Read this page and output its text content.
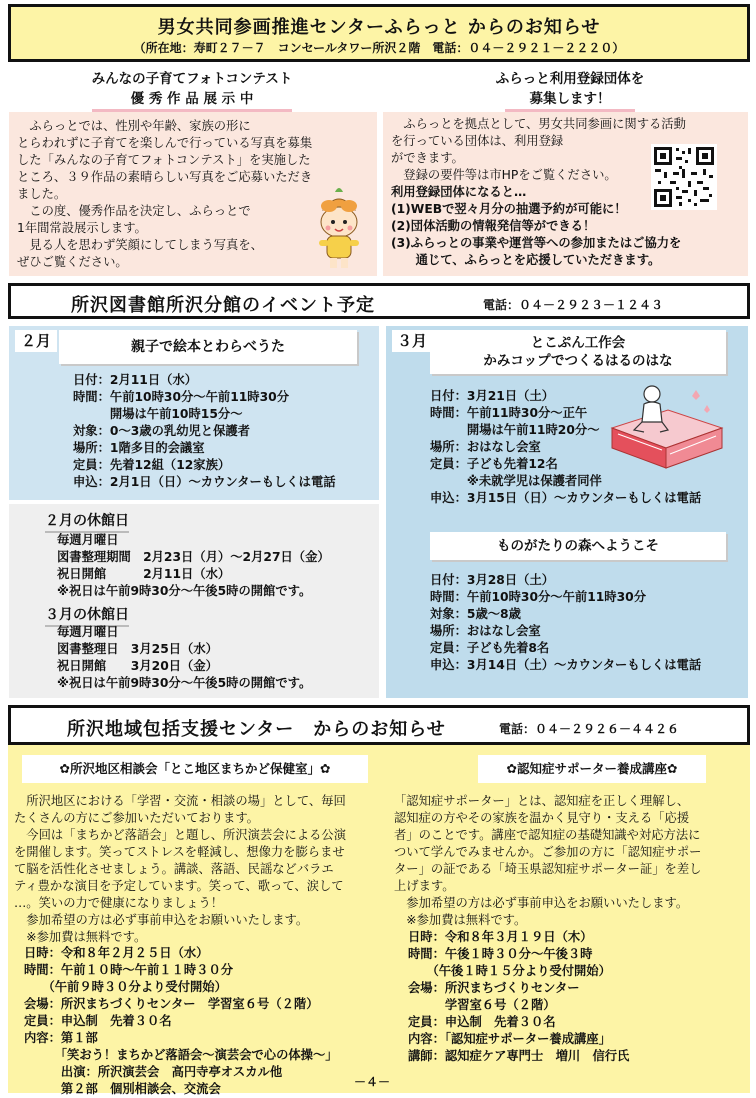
男女共同参画推進センターふらっと からのお知らせ
（所在地：寿町２７－７　コンセールタワー所沢２階　電話：０４－２９２１－２２２０）
みんなの子育てフォトコンテスト
優 秀 作 品 展 示 中
　ふらっとでは、性別や年齢、家族の形に
とらわれずに子育てを楽しんで行っている写真を募集
した「みんなの子育てフォトコンテスト」を実施した
ところ、３９作品の素晴らしい写真をご応募いただき
ました。
　この度、優秀作品を決定し、ふらっとで
1年間常設展示します。
　見る人を思わず笑顔にしてしまう写真を、
ぜひご覧ください。
ふらっと利用登録団体を
募集します！
　ふらっとを拠点として、男女共同参画に関する活動
を行っている団体は、利用登録
ができます。
　登録の要件等は市HPをご覧ください。
利用登録団体になると…
(1)WEBで翌々月分の抽選予約が可能に！
(2)団体活動の情報発信等ができる！
(3)ふらっとの事業や運営等への参加またはご協力を
　　通じて、ふらっとを応援していただきます。
所沢図書館所沢分館のイベント予定	電話：０４－２９２３－１２４３
２月	親子で絵本とわらべうた
日付：2月11日（水）
時間：午前10時30分～午前11時30分
　　　開場は午前10時15分～
対象：0～3歳の乳幼児と保護者
場所：1階多目的会議室
定員：先着12組（12家族）
申込：2月1日（日）～カウンターもしくは電話
２月の休館日
毎週月曜日
図書整理期間　2月23日（月）～2月27日（金）
祝日開館　　　2月11日（水）
※祝日は午前9時30分～午後5時の開館です。
３月の休館日
毎週月曜日
図書整理日　3月25日（水）
祝日開館　　3月20日（金）
※祝日は午前9時30分～午後5時の開館です。
３月	とこぷん工作会
かみコップでつくるはるのはな
日付：3月21日（土）
時間：午前11時30分～正午
　　　開場は午前11時20分～
場所：おはなし会室
定員：子ども先着12名
　　　※未就学児は保護者同伴
申込：3月15日（日）～カウンターもしくは電話
ものがたりの森へようこそ
日付：3月28日（土）
時間：午前10時30分～午前11時30分
対象：5歳～8歳
場所：おはなし会室
定員：子ども先着8名
申込：3月14日（土）～カウンターもしくは電話
所沢地域包括支援センター　からのお知らせ	電話：０４－２９２６－４４２６
✿所沢地区相談会「とこ地区まちかど保健室」✿
　所沢地区における「学習・交流・相談の場」として、毎回
たくさんの方にご参加いただいております。
　今回は「まちかど落語会」と題し、所沢演芸会による公演
を開催します。笑ってストレスを軽減し、想像力を膨らませ
て脳を活性化させましょう。講談、落語、民謡などバラエ
ティ豊かな演目を予定しています。笑って、歌って、涙して
…。笑いの力で健康になりましょう！
　参加希望の方は必ず事前申込をお願いいたします。
　※参加費は無料です。
日時：令和８年２月２５日（水）
時間：午前１０時～午前１１時３０分
　　（午前９時３０分より受付開始）
会場：所沢まちづくりセンター　学習室６号（２階）
定員：申込制　先着３０名
内容：第１部
　　　「笑おう！まちかど落語会～演芸会で心の体操～」
　　　出演：所沢演芸会　高円寺亭オスカル他
　　　第２部　個別相談会、交流会
✿認知症サポーター養成講座✿
「認知症サポーター」とは、認知症を正しく理解し、
認知症の方やその家族を温かく見守り・支える「応援
者」のことです。講座で認知症の基礎知識や対応方法に
ついて学んでみませんか。ご参加の方に「認知症サポー
ター」の証である「埼玉県認知症サポーター証」を差し
上げます。
　参加希望の方は必ず事前申込をお願いいたします。
　※参加費は無料です。
日時：令和８年３月１９日（木）
時間：午後１時３０分～午後３時
　　（午後１時１５分より受付開始）
会場：所沢まちづくりセンター
　　　学習室６号（２階）
定員：申込制　先着３０名
内容：「認知症サポーター養成講座」
講師：認知症ケア専門士　増川　信行氏
－４－
